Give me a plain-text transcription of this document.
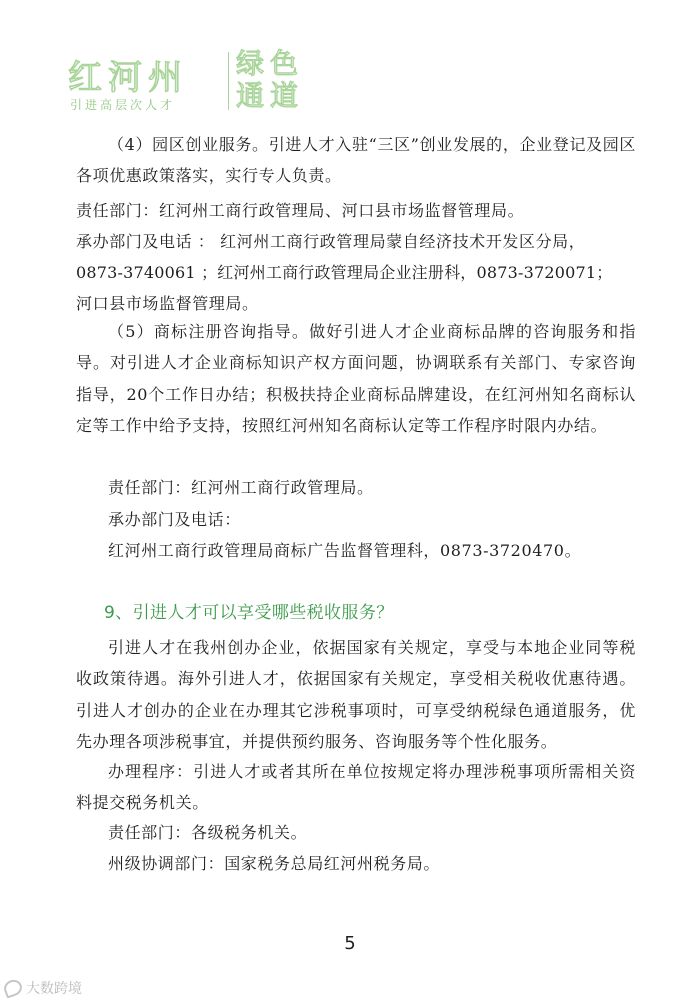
红河州 绿色通道
引进高层次人才

（4）园区创业服务。引进人才入驻“三区”创业发展的，企业登记及园区各项优惠政策落实，实行专人负责。

责任部门：红河州工商行政管理局、河口县市场监督管理局。
承办部门及电话 ： 红河州工商行政管理局蒙自经济技术开发区分局，
0873-3740061 ；红河州工商行政管理局企业注册科，0873-3720071；
河口县市场监督管理局。

（5）商标注册咨询指导。做好引进人才企业商标品牌的咨询服务和指导。对引进人才企业商标知识产权方面问题，协调联系有关部门、专家咨询指导，20个工作日办结；积极扶持企业商标品牌建设，在红河州知名商标认定等工作中给予支持，按照红河州知名商标认定等工作程序时限内办结。

责任部门：红河州工商行政管理局。
承办部门及电话：
红河州工商行政管理局商标广告监督管理科，0873-3720470。
9、引进人才可以享受哪些税收服务？

引进人才在我州创办企业，依据国家有关规定，享受与本地企业同等税收政策待遇。海外引进人才，依据国家有关规定，享受相关税收优惠待遇。引进人才创办的企业在办理其它涉税事项时，可享受纳税绿色通道服务，优先办理各项涉税事宜，并提供预约服务、咨询服务等个性化服务。

办理程序：引进人才或者其所在单位按规定将办理涉税事项所需相关资料提交税务机关。

责任部门：各级税务机关。
州级协调部门：国家税务总局红河州税务局。
5
大数跨境
